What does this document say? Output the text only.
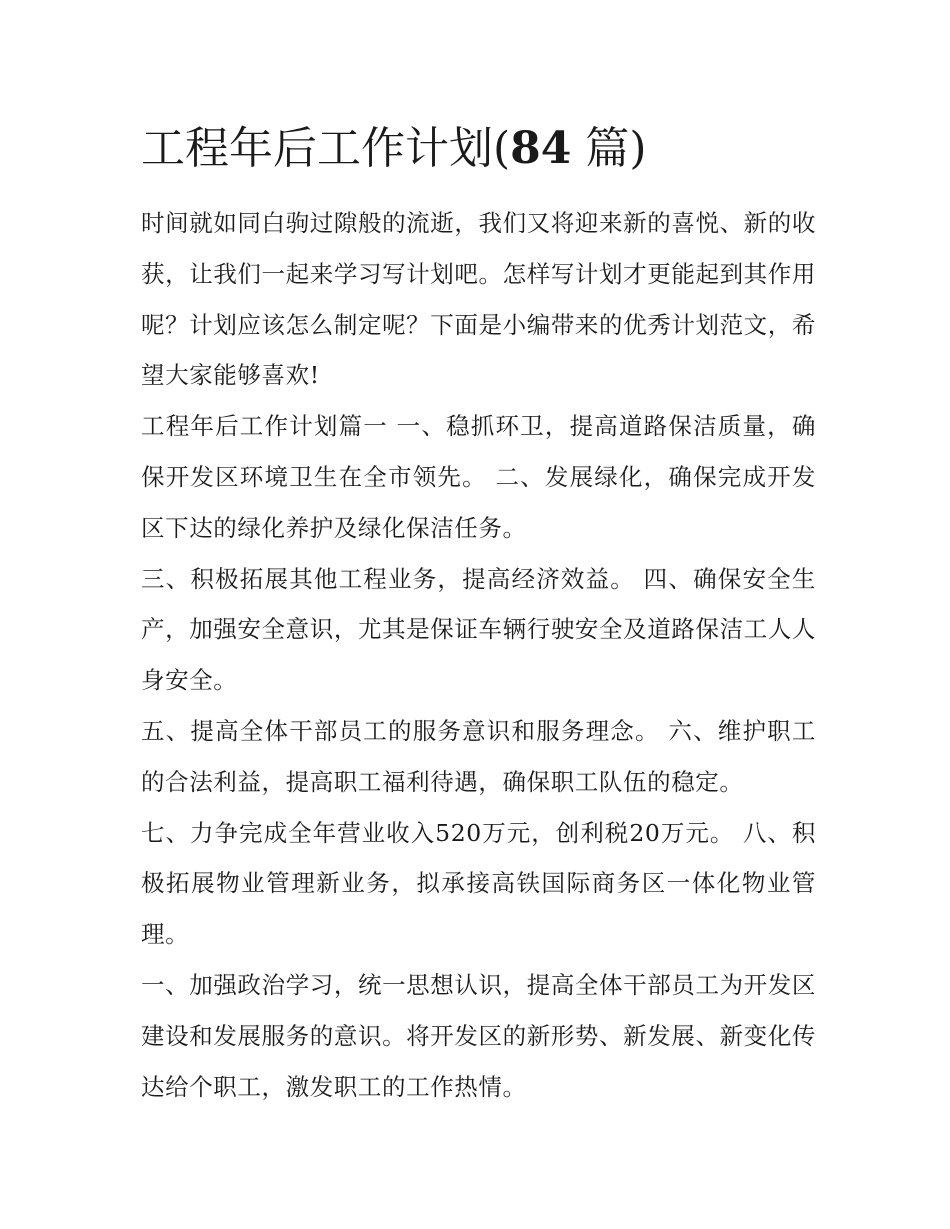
工程年后工作计划(84 篇)

时间就如同白驹过隙般的流逝，我们又将迎来新的喜悦、新的收获，让我们一起来学习写计划吧。怎样写计划才更能起到其作用呢？计划应该怎么制定呢？下面是小编带来的优秀计划范文，希望大家能够喜欢!

工程年后工作计划篇一 一、稳抓环卫，提高道路保洁质量，确保开发区环境卫生在全市领先。 二、发展绿化，确保完成开发区下达的绿化养护及绿化保洁任务。

三、积极拓展其他工程业务，提高经济效益。 四、确保安全生产，加强安全意识，尤其是保证车辆行驶安全及道路保洁工人人身安全。

五、提高全体干部员工的服务意识和服务理念。 六、维护职工的合法利益，提高职工福利待遇，确保职工队伍的稳定。

七、力争完成全年营业收入520万元，创利税20万元。 八、积极拓展物业管理新业务，拟承接高铁国际商务区一体化物业管理。

一、加强政治学习，统一思想认识，提高全体干部员工为开发区建设和发展服务的意识。将开发区的新形势、新发展、新变化传达给个职工，激发职工的工作热情。
